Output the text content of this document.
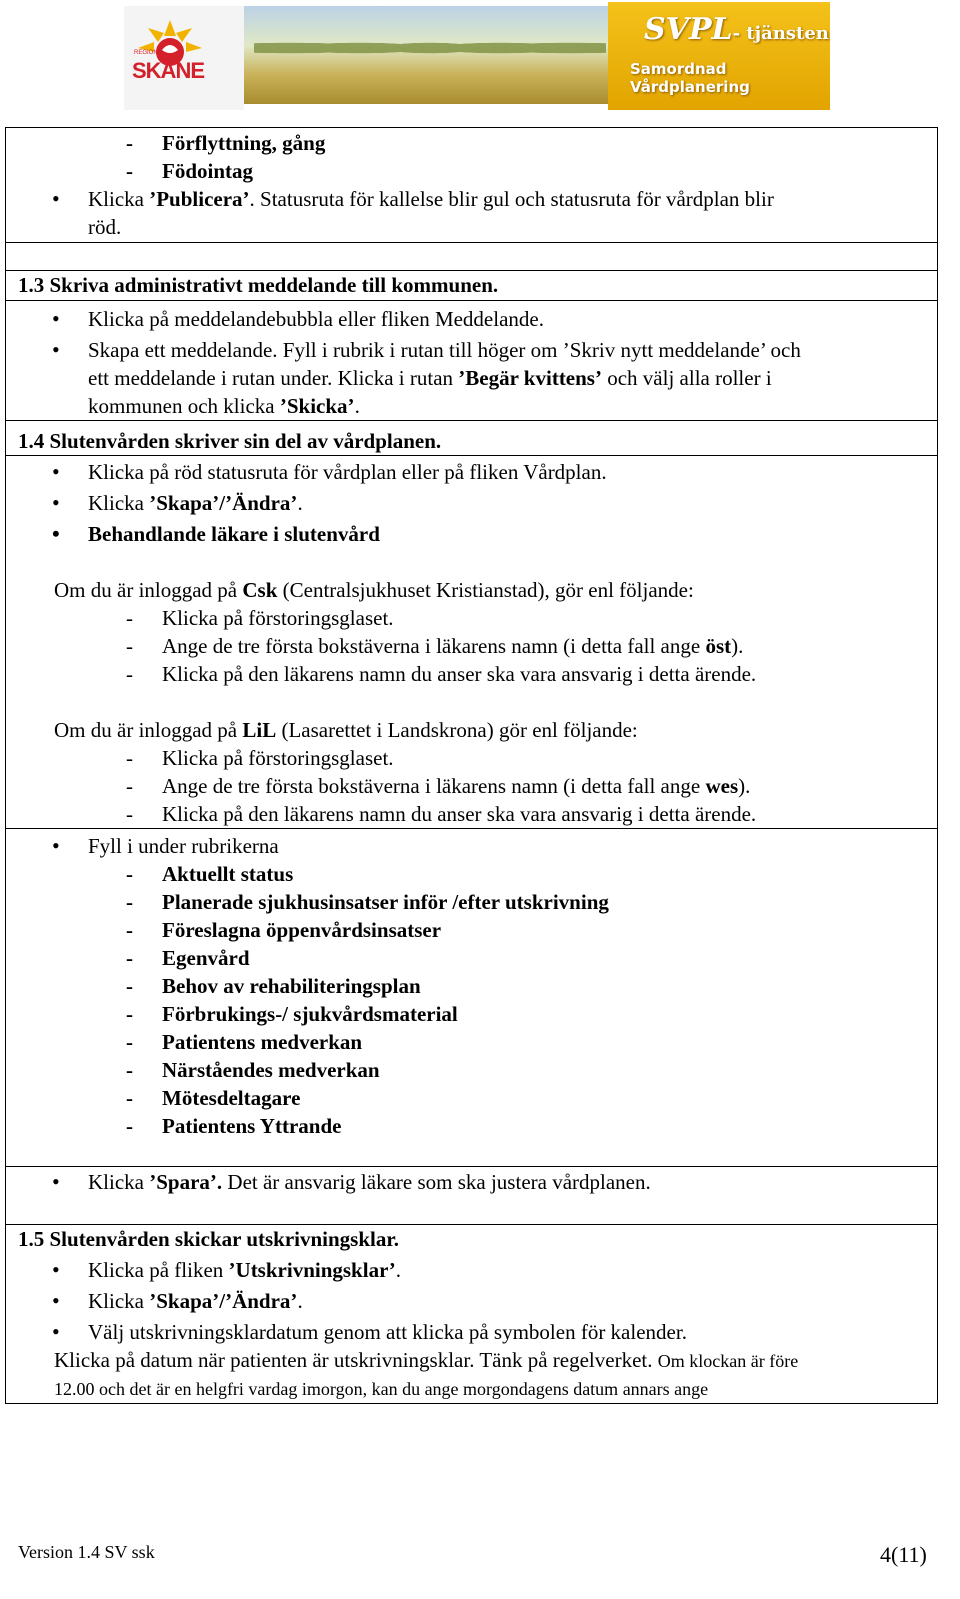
REGION
SKÅNE
SVPL- tjänsten
Samordnad Vårdplanering
- Förflyttning, gång
- Födointag
• Klicka ’Publicera’. Statusruta för kallelse blir gul och statusruta för vårdplan blir
röd.

1.3 Skriva administrativt meddelande till kommunen.

• Klicka på meddelandebubbla eller fliken Meddelande.
• Skapa ett meddelande. Fyll i rubrik i rutan till höger om ’Skriv nytt meddelande’ och
ett meddelande i rutan under. Klicka i rutan ’Begär kvittens’ och välj alla roller i
kommunen och klicka ’Skicka’.

1.4 Slutenvården skriver sin del av vårdplanen.

• Klicka på röd statusruta för vårdplan eller på fliken Vårdplan.
• Klicka ’Skapa’/’Ändra’.
• Behandlande läkare i slutenvård
Om du är inloggad på Csk (Centralsjukhuset Kristianstad), gör enl följande:
- Klicka på förstoringsglaset.
- Ange de tre första bokstäverna i läkarens namn (i detta fall ange öst).
- Klicka på den läkarens namn du anser ska vara ansvarig i detta ärende.
Om du är inloggad på LiL (Lasarettet i Landskrona) gör enl följande:
- Klicka på förstoringsglaset.
- Ange de tre första bokstäverna i läkarens namn (i detta fall ange wes).
- Klicka på den läkarens namn du anser ska vara ansvarig i detta ärende.

• Fyll i under rubrikerna
- Aktuellt status
- Planerade sjukhusinsatser inför /efter utskrivning
- Föreslagna öppenvårdsinsatser
- Egenvård
- Behov av rehabiliteringsplan
- Förbrukings-/ sjukvårdsmaterial
- Patientens medverkan
- Närståendes medverkan
- Mötesdeltagare
- Patientens Yttrande

• Klicka ’Spara’. Det är ansvarig läkare som ska justera vårdplanen.

1.5 Slutenvården skickar utskrivningsklar.
• Klicka på fliken ’Utskrivningsklar’.
• Klicka ’Skapa’/’Ändra’.
• Välj utskrivningsklardatum genom att klicka på symbolen för kalender.
Klicka på datum när patienten är utskrivningsklar. Tänk på regelverket. Om klockan är före
12.00 och det är en helgfri vardag imorgon, kan du ange morgondagens datum annars ange
Version 1.4 SV ssk	4(11)
